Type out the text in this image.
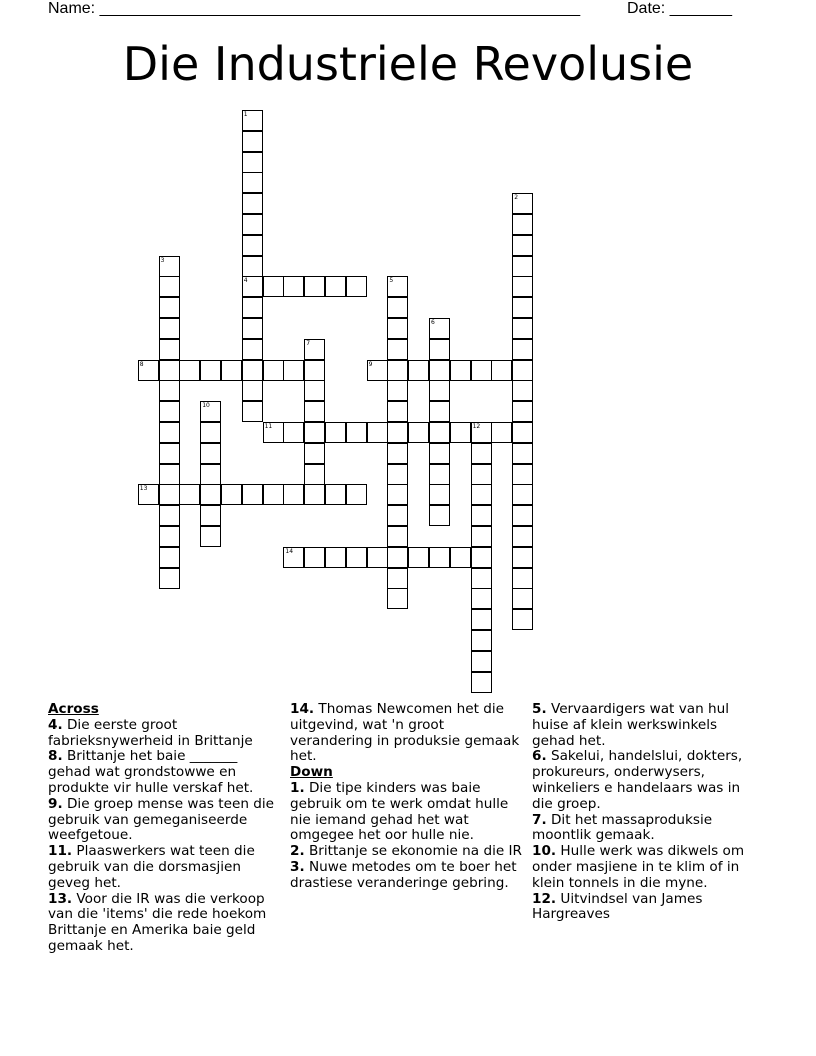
Name: ______________________________________________________	Date: _______
Die Industriele Revolusie
1
4
2
3
5
6
7
8	9
10
11	12
13
14
Across

4. Die eerste groot fabrieksnywerheid in Brittanje

8. Brittanje het baie _______ gehad wat grondstowwe en produkte vir hulle verskaf het.

9. Die groep mense was teen die gebruik van gemeganiseerde weefgetoue.

11. Plaaswerkers wat teen die gebruik van die dorsmasjien geveg het.

13. Voor die IR was die verkoop van die 'items' die rede hoekom Brittanje en Amerika baie geld gemaak het.

14. Thomas Newcomen het die uitgevind, wat 'n groot verandering in produksie gemaak het.

Down

1. Die tipe kinders was baie gebruik om te werk omdat hulle nie iemand gehad het wat omgegee het oor hulle nie.

2. Brittanje se ekonomie na die IR

3. Nuwe metodes om te boer het drastiese veranderinge gebring.

5. Vervaardigers wat van hul huise af klein werkswinkels gehad het.

6. Sakelui, handelslui, dokters, prokureurs, onderwysers, winkeliers e handelaars was in die groep.

7. Dit het massaproduksie moontlik gemaak.

10. Hulle werk was dikwels om onder masjiene in te klim of in klein tonnels in die myne.

12. Uitvindsel van James Hargreaves
